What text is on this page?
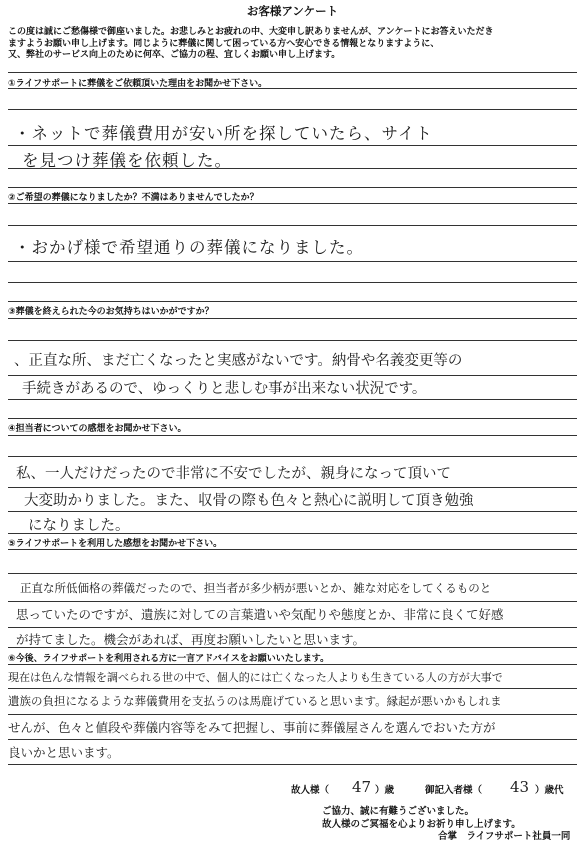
お客様アンケート
この度は誠にご愁傷様で御座いました。お悲しみとお疲れの中、大変申し訳ありませんが、アンケートにお答えいただき
ますようお願い申し上げます。同じように葬儀に関して困っている方へ安心できる情報となりますように、
又、弊社のサービス向上のために何卒、ご協力の程、宜しくお願い申し上げます。
①ライフサポートに葬儀をご依頼頂いた理由をお聞かせ下さい。
・ネットで葬儀費用が安い所を探していたら、サイト
を見つけ葬儀を依頼した。
②ご希望の葬儀になりましたか？不満はありませんでしたか？
・おかげ様で希望通りの葬儀になりました。
③葬儀を終えられた今のお気持ちはいかがですか？
、正直な所、まだ亡くなったと実感がないです。納骨や名義変更等の
手続きがあるので、ゆっくりと悲しむ事が出来ない状況です。
④担当者についての感想をお聞かせ下さい。
私、一人だけだったので非常に不安でしたが、親身になって頂いて
大変助かりました。また、収骨の際も色々と熱心に説明して頂き勉強
になりました。
⑤ライフサポートを利用した感想をお聞かせ下さい。
正直な所低価格の葬儀だったので、担当者が多少柄が悪いとか、雑な対応をしてくるものと
思っていたのですが、遺族に対しての言葉遣いや気配りや態度とか、非常に良くて好感
が持てました。機会があれば、再度お願いしたいと思います。
⑥今後、ライフサポートを利用される方に一言アドバイスをお願いいたします。
現在は色んな情報を調べられる世の中で、個人的には亡くなった人よりも生きている人の方が大事で
遺族の負担になるような葬儀費用を支払うのは馬鹿げていると思います。縁起が悪いかもしれま
せんが、色々と値段や葬儀内容等をみて把握し、事前に葬儀屋さんを選んでおいた方が
良いかと思います。
故人様（ 47 ）歳	御記入者様（ 43 ）歳代
ご協力、誠に有難うございました。
故人様のご冥福を心よりお祈り申し上げます。
合掌　ライフサポート社員一同
